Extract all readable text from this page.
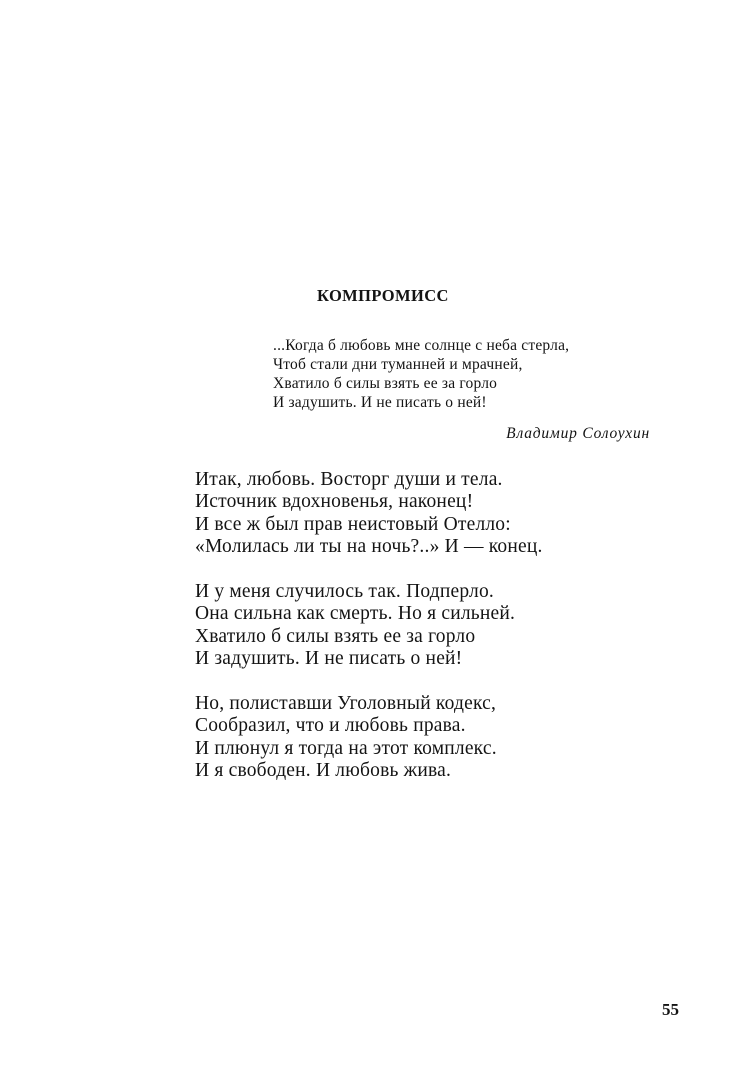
КОМПРОМИСС
...Когда б любовь мне солнце с неба стерла,
Чтоб стали дни туманней и мрачней,
Хватило б силы взять ее за горло
И задушить. И не писать о ней!
Владимир Солоухин
Итак, любовь. Восторг души и тела.
Источник вдохновенья, наконец!
И все ж был прав неистовый Отелло:
«Молилась ли ты на ночь?..» И — конец.
И у меня случилось так. Подперло.
Она сильна как смерть. Но я сильней.
Хватило б силы взять ее за горло
И задушить. И не писать о ней!
Но, полиставши Уголовный кодекс,
Сообразил, что и любовь права.
И плюнул я тогда на этот комплекс.
И я свободен. И любовь жива.
55
